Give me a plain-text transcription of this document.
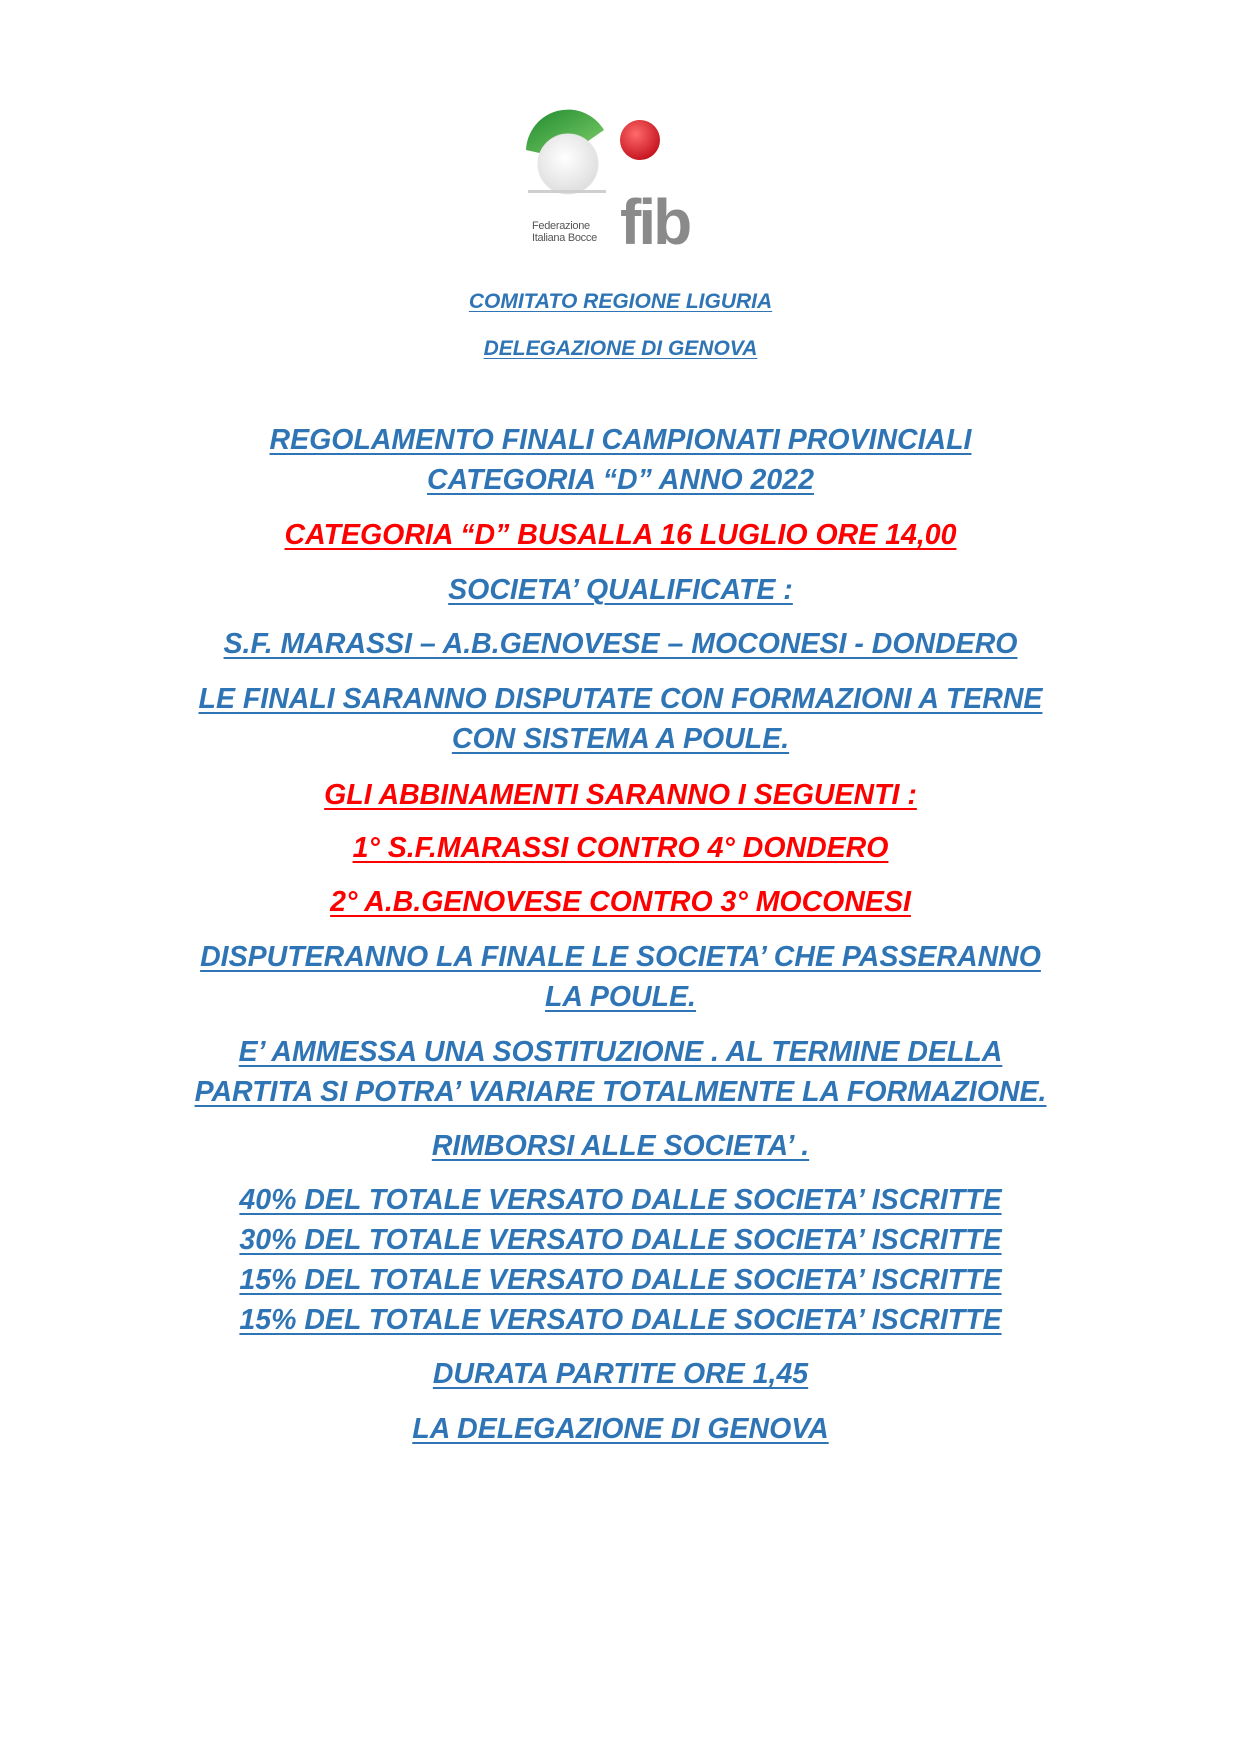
fib
Federazione
Italiana Bocce
COMITATO REGIONE LIGURIA
DELEGAZIONE DI GENOVA
REGOLAMENTO FINALI CAMPIONATI PROVINCIALI
CATEGORIA “D” ANNO 2022
CATEGORIA “D” BUSALLA 16 LUGLIO ORE 14,00
SOCIETA’ QUALIFICATE :
S.F. MARASSI – A.B.GENOVESE – MOCONESI - DONDERO
LE FINALI SARANNO DISPUTATE CON FORMAZIONI A TERNE
CON SISTEMA A POULE.
GLI ABBINAMENTI SARANNO I SEGUENTI :
1° S.F.MARASSI CONTRO 4° DONDERO
2° A.B.GENOVESE CONTRO 3° MOCONESI
DISPUTERANNO LA FINALE LE SOCIETA’ CHE PASSERANNO
LA POULE.
E’ AMMESSA UNA SOSTITUZIONE . AL TERMINE DELLA
PARTITA SI POTRA’ VARIARE TOTALMENTE LA FORMAZIONE.
RIMBORSI ALLE SOCIETA’ .
40% DEL TOTALE VERSATO DALLE SOCIETA’ ISCRITTE
30% DEL TOTALE VERSATO DALLE SOCIETA’ ISCRITTE
15% DEL TOTALE VERSATO DALLE SOCIETA’ ISCRITTE
15% DEL TOTALE VERSATO DALLE SOCIETA’ ISCRITTE
DURATA PARTITE ORE 1,45
LA DELEGAZIONE DI GENOVA
